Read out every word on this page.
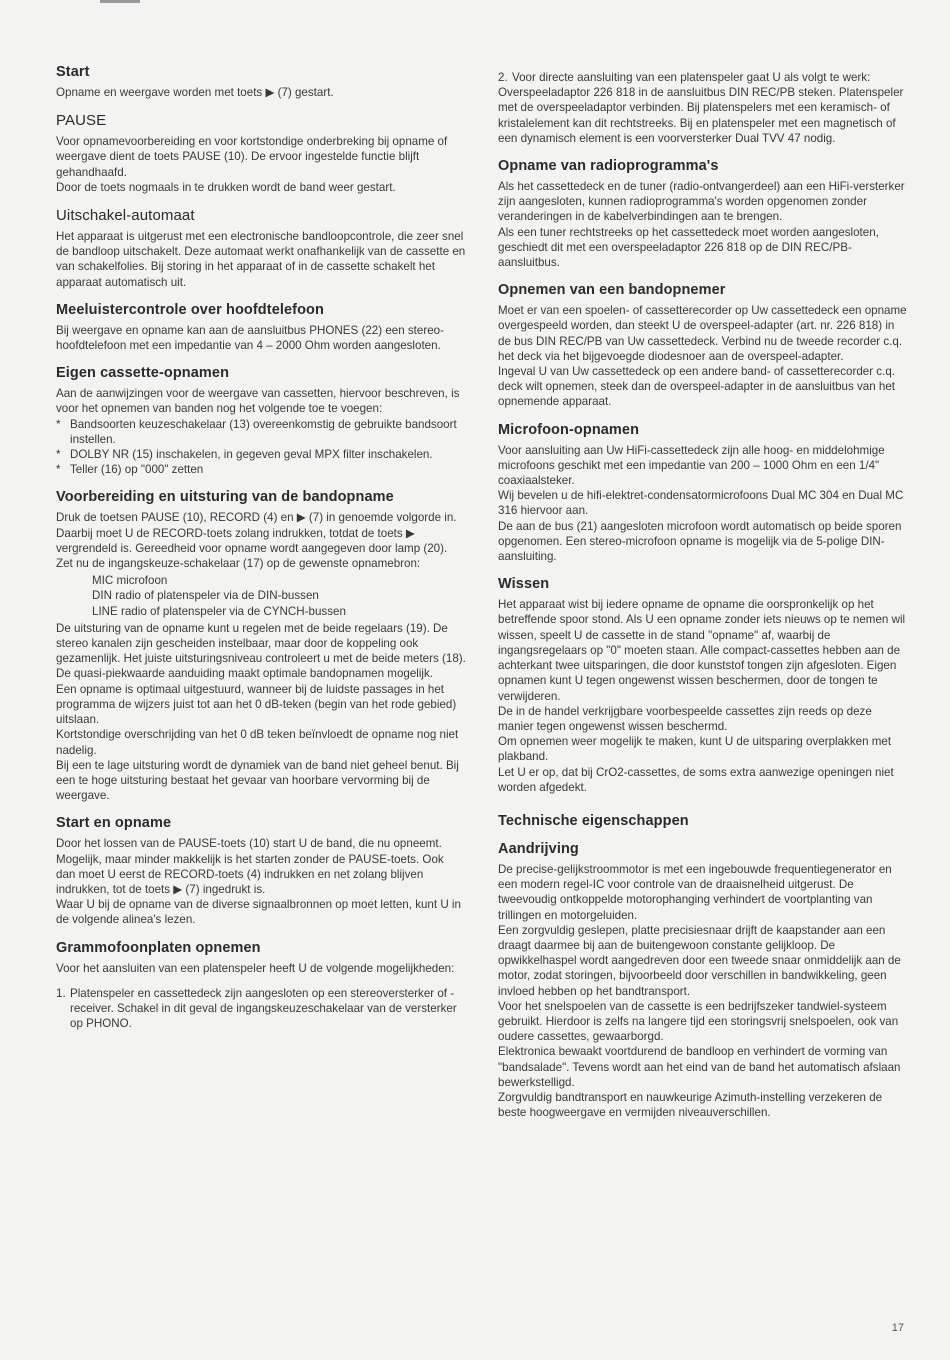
Start

Opname en weergave worden met toets ▶ (7) gestart.

PAUSE

Voor opnamevoorbereiding en voor kortstondige onderbreking bij opname of weergave dient de toets PAUSE (10). De ervoor ingestelde functie blijft gehandhaafd.

Door de toets nogmaals in te drukken wordt de band weer gestart.

Uitschakel-automaat

Het apparaat is uitgerust met een electronische bandloopcontrole, die zeer snel de bandloop uitschakelt. Deze automaat werkt onafhankelijk van de cassette en van schakelfolies. Bij storing in het apparaat of in de cassette schakelt het apparaat automatisch uit.

Meeluistercontrole over hoofdtelefoon

Bij weergave en opname kan aan de aansluitbus PHONES (22) een stereo-hoofdtelefoon met een impedantie van 4 – 2000 Ohm worden aangesloten.

Eigen cassette-opnamen

Aan de aanwijzingen voor de weergave van cassetten, hiervoor beschreven, is voor het opnemen van banden nog het volgende toe te voegen:

* Bandsoorten keuzeschakelaar (13) overeenkomstig de gebruikte bandsoort instellen.
* DOLBY NR (15) inschakelen, in gegeven geval MPX filter inschakelen.
* Teller (16) op "000" zetten
Voorbereiding en uitsturing van de bandopname

Druk de toetsen PAUSE (10), RECORD (4) en ▶ (7) in genoemde volgorde in. Daarbij moet U de RECORD-toets zolang indrukken, totdat de toets ▶ vergrendeld is. Gereedheid voor opname wordt aangegeven door lamp (20).

Zet nu de ingangskeuze-schakelaar (17) op de gewenste opnamebron:

MIC microfoon

DIN radio of platenspeler via de DIN-bussen

LINE radio of platenspeler via de CYNCH-bussen

De uitsturing van de opname kunt u regelen met de beide regelaars (19). De stereo kanalen zijn gescheiden instelbaar, maar door de koppeling ook gezamenlijk. Het juiste uitsturingsniveau controleert u met de beide meters (18). De quasi-piekwaarde aanduiding maakt optimale bandopnamen mogelijk.

Een opname is optimaal uitgestuurd, wanneer bij de luidste passages in het programma de wijzers juist tot aan het 0 dB-teken (begin van het rode gebied) uitslaan.

Kortstondige overschrijding van het 0 dB teken beïnvloedt de opname nog niet nadelig.

Bij een te lage uitsturing wordt de dynamiek van de band niet geheel benut. Bij een te hoge uitsturing bestaat het gevaar van hoorbare vervorming bij de weergave.

Start en opname

Door het lossen van de PAUSE-toets (10) start U de band, die nu opneemt. Mogelijk, maar minder makkelijk is het starten zonder de PAUSE-toets. Ook dan moet U eerst de RECORD-toets (4) indrukken en net zolang blijven indrukken, tot de toets ▶ (7) ingedrukt is.

Waar U bij de opname van de diverse signaalbronnen op moet letten, kunt U in de volgende alinea's lezen.

Grammofoonplaten opnemen

Voor het aansluiten van een platenspeler heeft U de volgende mogelijkheden:

1. Platenspeler en cassettedeck zijn aangesloten op een stereoversterker of -receiver. Schakel in dit geval de ingangskeuzeschakelaar van de versterker op PHONO.
2. Voor directe aansluiting van een platenspeler gaat U als volgt te werk:

Overspeeladaptor 226 818 in de aansluitbus DIN REC/PB steken. Platenspeler met de overspeeladaptor verbinden. Bij platenspelers met een keramisch- of kristalelement kan dit rechtstreeks. Bij en platenspeler met een magnetisch of een dynamisch element is een voorversterker Dual TVV 47 nodig.

Opname van radioprogramma's

Als het cassettedeck en de tuner (radio-ontvangerdeel) aan een HiFi-versterker zijn aangesloten, kunnen radioprogramma's worden opgenomen zonder veranderingen in de kabelverbindingen aan te brengen.

Als een tuner rechtstreeks op het cassettedeck moet worden aangesloten, geschiedt dit met een overspeeladaptor 226 818 op de DIN REC/PB-aansluitbus.

Opnemen van een bandopnemer

Moet er van een spoelen- of cassetterecorder op Uw cassettedeck een opname overgespeeld worden, dan steekt U de overspeel-adapter (art. nr. 226 818) in de bus DIN REC/PB van Uw cassettedeck. Verbind nu de tweede recorder c.q. het deck via het bijgevoegde diodesnoer aan de overspeel-adapter.

Ingeval U van Uw cassettedeck op een andere band- of cassetterecorder c.q. deck wilt opnemen, steek dan de overspeel-adapter in de aansluitbus van het opnemende apparaat.

Microfoon-opnamen

Voor aansluiting aan Uw HiFi-cassettedeck zijn alle hoog- en middelohmige microfoons geschikt met een impedantie van 200 – 1000 Ohm en een 1/4" coaxiaalsteker.

Wij bevelen u de hifi-elektret-condensatormicrofoons Dual MC 304 en Dual MC 316 hiervoor aan.

De aan de bus (21) aangesloten microfoon wordt automatisch op beide sporen opgenomen. Een stereo-microfoon opname is mogelijk via de 5-polige DIN-aansluiting.

Wissen

Het apparaat wist bij iedere opname de opname die oorspronkelijk op het betreffende spoor stond. Als U een opname zonder iets nieuws op te nemen wil wissen, speelt U de cassette in de stand "opname" af, waarbij de ingangsregelaars op "0" moeten staan. Alle compact-cassettes hebben aan de achterkant twee uitsparingen, die door kunststof tongen zijn afgesloten. Eigen opnamen kunt U tegen ongewenst wissen beschermen, door de tongen te verwijderen.

De in de handel verkrijgbare voorbespeelde cassettes zijn reeds op deze manier tegen ongewenst wissen beschermd.

Om opnemen weer mogelijk te maken, kunt U de uitsparing overplakken met plakband.

Let U er op, dat bij CrO2-cassettes, de soms extra aanwezige openingen niet worden afgedekt.

Technische eigenschappen
Aandrijving

De precise-gelijkstroommotor is met een ingebouwde frequentiegenerator en een modern regel-IC voor controle van de draaisnelheid uitgerust. De tweevoudig ontkoppelde motorophanging verhindert de voortplanting van trillingen en motorgeluiden.

Een zorgvuldig geslepen, platte precisiesnaar drijft de kaapstander aan een draagt daarmee bij aan de buitengewoon constante gelijkloop. De opwikkelhaspel wordt aangedreven door een tweede snaar onmiddelijk aan de motor, zodat storingen, bijvoorbeeld door verschillen in bandwikkeling, geen invloed hebben op het bandtransport.

Voor het snelspoelen van de cassette is een bedrijfszeker tandwiel-systeem gebruikt. Hierdoor is zelfs na langere tijd een storingsvrij snelspoelen, ook van oudere cassettes, gewaarborgd.

Elektronica bewaakt voortdurend de bandloop en verhindert de vorming van "bandsalade". Tevens wordt aan het eind van de band het automatisch afslaan bewerkstelligd.

Zorgvuldig bandtransport en nauwkeurige Azimuth-instelling verzekeren de beste hoogweergave en vermijden niveauverschillen.

17
